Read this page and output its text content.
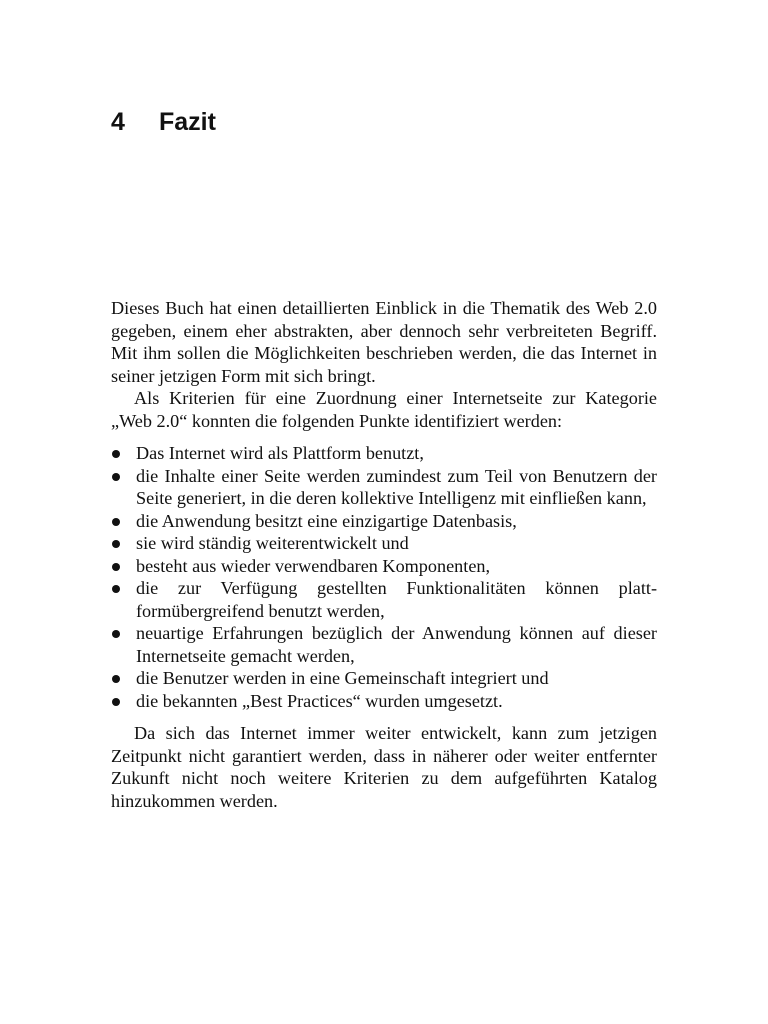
4 Fazit

Dieses Buch hat einen detaillierten Einblick in die Thematik des Web 2.0 gegeben, einem eher abstrakten, aber dennoch sehr verbreiteten Begriff. Mit ihm sollen die Möglichkeiten beschrieben werden, die das Internet in seiner jetzigen Form mit sich bringt.

Als Kriterien für eine Zuordnung einer Internetseite zur Kategorie „Web 2.0“ konnten die folgenden Punkte identifiziert werden:

Das Internet wird als Plattform benutzt,
die Inhalte einer Seite werden zumindest zum Teil von Benutzern der Seite generiert, in die deren kollektive Intelligenz mit einfließen kann,
die Anwendung besitzt eine einzigartige Datenbasis,
sie wird ständig weiterentwickelt und
besteht aus wieder verwendbaren Komponenten,
die zur Verfügung gestellten Funktionalitäten können plattformübergreifend benutzt werden,
neuartige Erfahrungen bezüglich der Anwendung können auf dieser Internetseite gemacht werden,
die Benutzer werden in eine Gemeinschaft integriert und
die bekannten „Best Practices“ wurden umgesetzt.

Da sich das Internet immer weiter entwickelt, kann zum jetzigen Zeitpunkt nicht garantiert werden, dass in näherer oder weiter entfernter Zukunft nicht noch weitere Kriterien zu dem aufgeführten Katalog hinzukommen werden.
